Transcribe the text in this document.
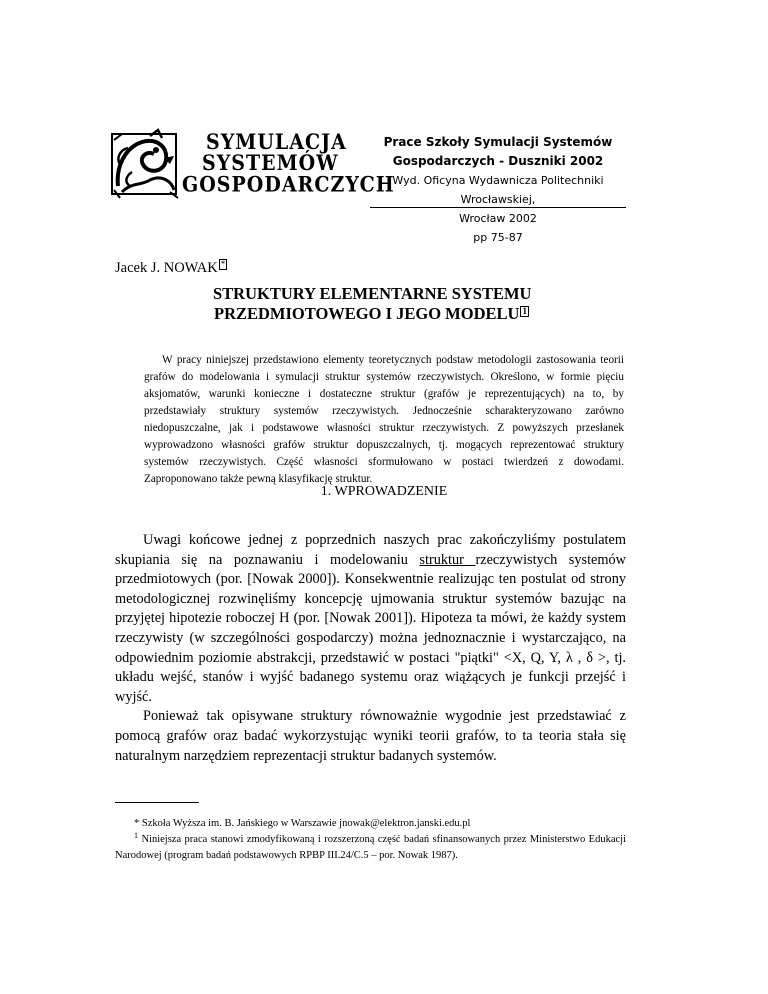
SYMULACJA
SYSTEMÓW
GOSPODARCZYCH
Prace Szkoły Symulacji Systemów
Gospodarczych - Duszniki 2002
Wyd. Oficyna Wydawnicza Politechniki Wrocławskiej,
Wrocław 2002
pp 75-87
Jacek J. NOWAK *
STRUKTURY ELEMENTARNE SYSTEMU
PRZEDMIOTOWEGO I JEGO MODELU 1
W pracy niniejszej przedstawiono elementy teoretycznych podstaw metodologii zastosowania teorii grafów do modelowania i symulacji struktur systemów rzeczywistych. Określono, w formie pięciu aksjomatów, warunki konieczne i dostateczne struktur (grafów je reprezentujących) na to, by przedstawiały struktury systemów rzeczywistych. Jednocześnie scharakteryzowano zarówno niedopuszczalne, jak i podstawowe własności struktur rzeczywistych. Z powyższych przesłanek wyprowadzono własności grafów struktur dopuszczalnych, tj. mogących reprezentować struktury systemów rzeczywistych. Część własności sformułowano w postaci twierdzeń z dowodami. Zaproponowano także pewną klasyfikację struktur.
1. WPROWADZENIE

Uwagi końcowe jednej z poprzednich naszych prac zakończyliśmy postulatem skupiania się na poznawaniu i modelowaniu struktur rzeczywistych systemów przedmiotowych (por. [Nowak 2000]). Konsekwentnie realizując ten postulat od strony metodologicznej rozwinęliśmy koncepcję ujmowania struktur systemów bazując na przyjętej hipotezie roboczej H (por. [Nowak 2001]). Hipoteza ta mówi, że każdy system rzeczywisty (w szczególności gospodarczy) można jednoznacznie i wystarczająco, na odpowiednim poziomie abstrakcji, przedstawić w postaci "piątki" <X, Q, Y, λ , δ >, tj. układu wejść, stanów i wyjść badanego systemu oraz wiążących je funkcji przejść i wyjść.

Ponieważ tak opisywane struktury równoważnie wygodnie jest przedstawiać z pomocą grafów oraz badać wykorzystując wyniki teorii grafów, to ta teoria stała się naturalnym narzędziem reprezentacji struktur badanych systemów.

* Szkoła Wyższa im. B. Jańskiego w Warszawie jnowak@elektron.janski.edu.pl

$^1$ Niniejsza praca stanowi zmodyfikowaną i rozszerzoną część badań sfinansowanych przez Ministerstwo Edukacji Narodowej (program badań podstawowych RPBP III.24/C.5 – por. Nowak 1987).
